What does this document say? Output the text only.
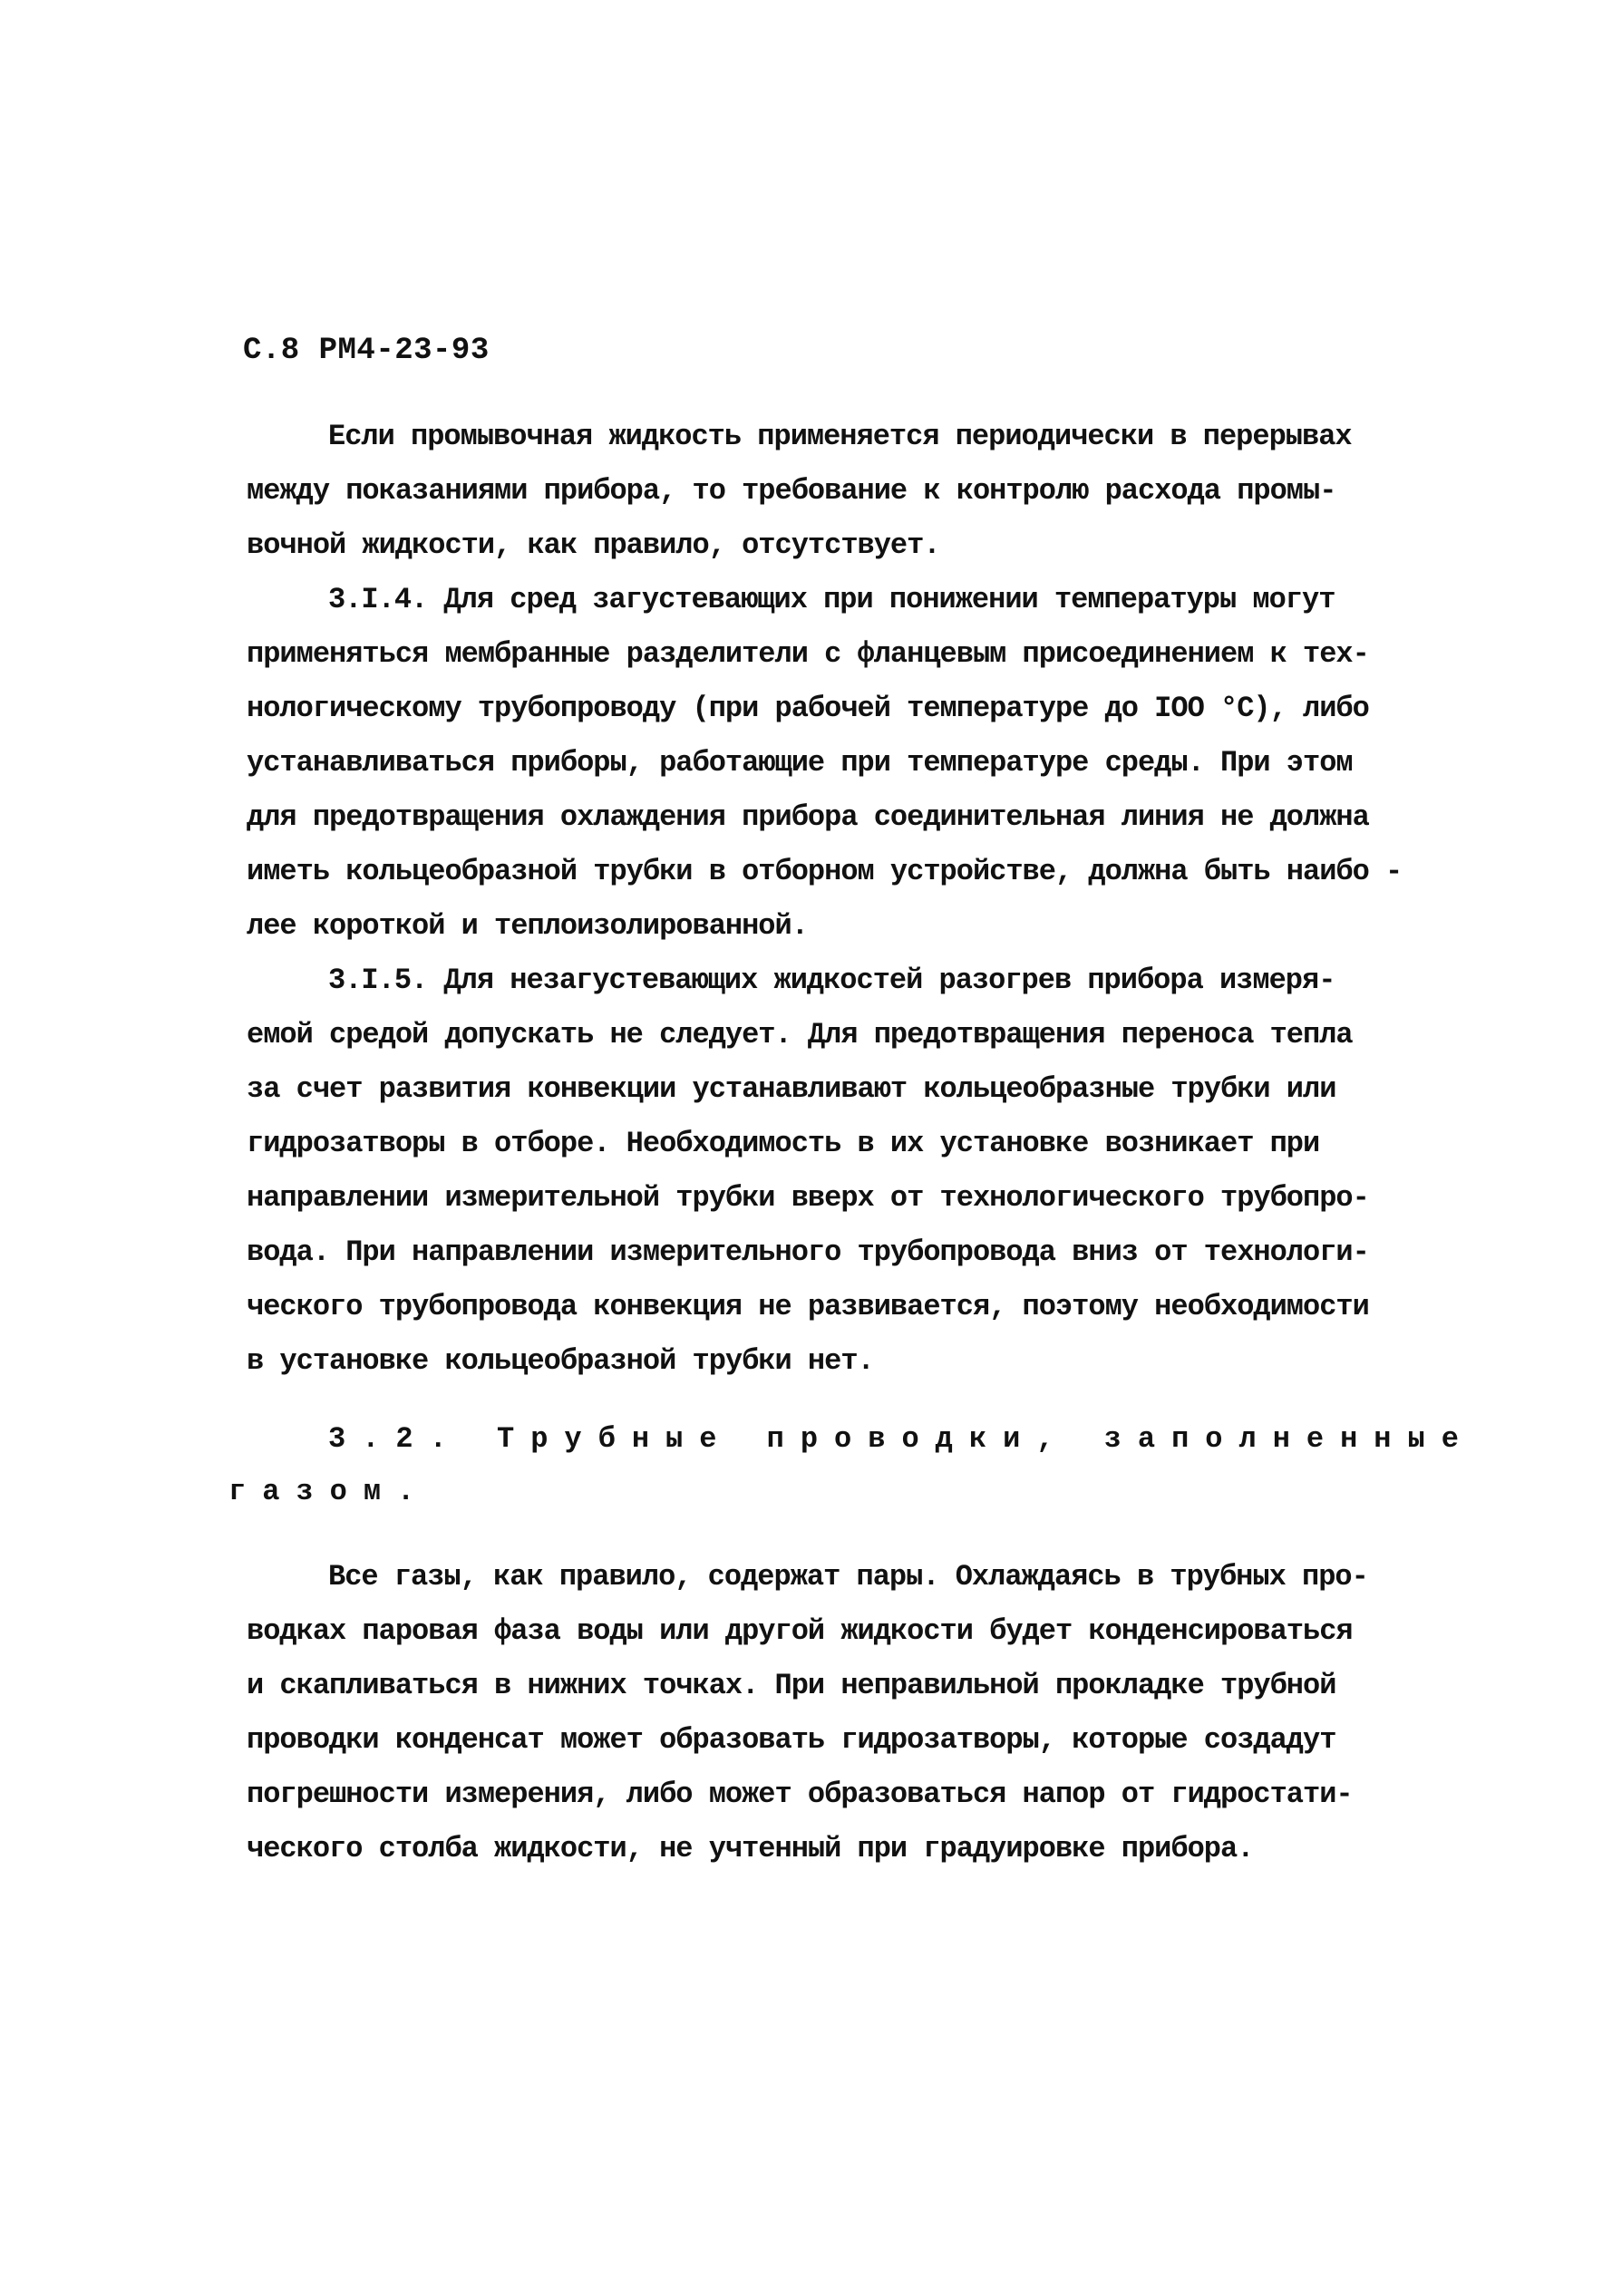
С.8 РМ4-23-93
Если промывочная жидкость применяется периодически в перерывах
между показаниями прибора, то требование к контролю расхода промы-
вочной жидкости, как правило, отсутствует.
3.I.4. Для сред загустевающих при понижении температуры могут
применяться мембранные разделители с фланцевым присоединением к тех-
нологическому трубопроводу (при рабочей температуре до IOO °С), либо
устанавливаться приборы, работающие при температуре среды. При этом
для предотвращения охлаждения прибора соединительная линия не должна
иметь кольцеобразной трубки в отборном устройстве, должна быть наибо -
лее короткой и теплоизолированной.
3.I.5. Для незагустевающих жидкостей разогрев прибора измеря-
емой средой допускать не следует. Для предотвращения переноса тепла
за счет развития конвекции устанавливают кольцеобразные трубки или
гидрозатворы в отборе. Необходимость в их установке возникает при
направлении измерительной трубки вверх от технологического трубопро-
вода. При направлении измерительного трубопровода вниз от технологи-
ческого трубопровода конвекция не развивается, поэтому необходимости
в установке кольцеобразной трубки нет.
3.2. Трубные проводки, заполненные
газом.
Все газы, как правило, содержат пары. Охлаждаясь в трубных про-
водках паровая фаза воды или другой жидкости будет конденсироваться
и скапливаться в нижних точках. При неправильной прокладке трубной
проводки конденсат может образовать гидрозатворы, которые создадут
погрешности измерения, либо может образоваться напор от гидростати-
ческого столба жидкости, не учтенный при градуировке прибора.
